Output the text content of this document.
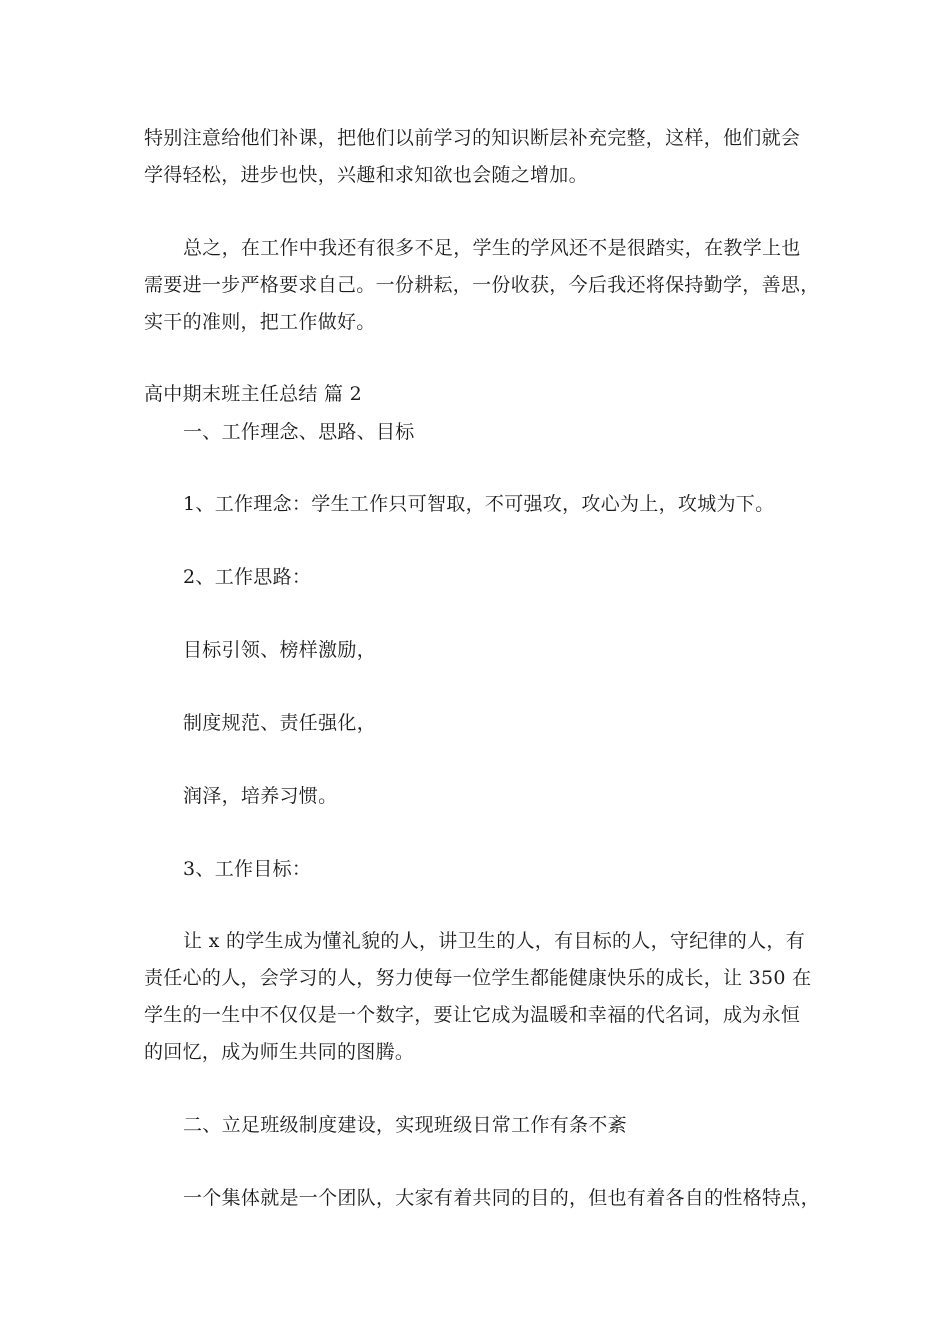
特别注意给他们补课，把他们以前学习的知识断层补充完整，这样，他们就会
学得轻松，进步也快，兴趣和求知欲也会随之增加。
总之，在工作中我还有很多不足，学生的学风还不是很踏实，在教学上也
需要进一步严格要求自己。一份耕耘，一份收获，今后我还将保持勤学，善思，
实干的准则，把工作做好。
高中期末班主任总结 篇 2
一、工作理念、思路、目标
1、工作理念：学生工作只可智取，不可强攻，攻心为上，攻城为下。
2、工作思路：
目标引领、榜样激励，
制度规范、责任强化，
润泽，培养习惯。
3、工作目标：
让 x 的学生成为懂礼貌的人，讲卫生的人，有目标的人，守纪律的人，有
责任心的人，会学习的人，努力使每一位学生都能健康快乐的成长，让 350 在
学生的一生中不仅仅是一个数字，要让它成为温暖和幸福的代名词，成为永恒
的回忆，成为师生共同的图腾。
二、立足班级制度建设，实现班级日常工作有条不紊
一个集体就是一个团队，大家有着共同的目的，但也有着各自的性格特点，
